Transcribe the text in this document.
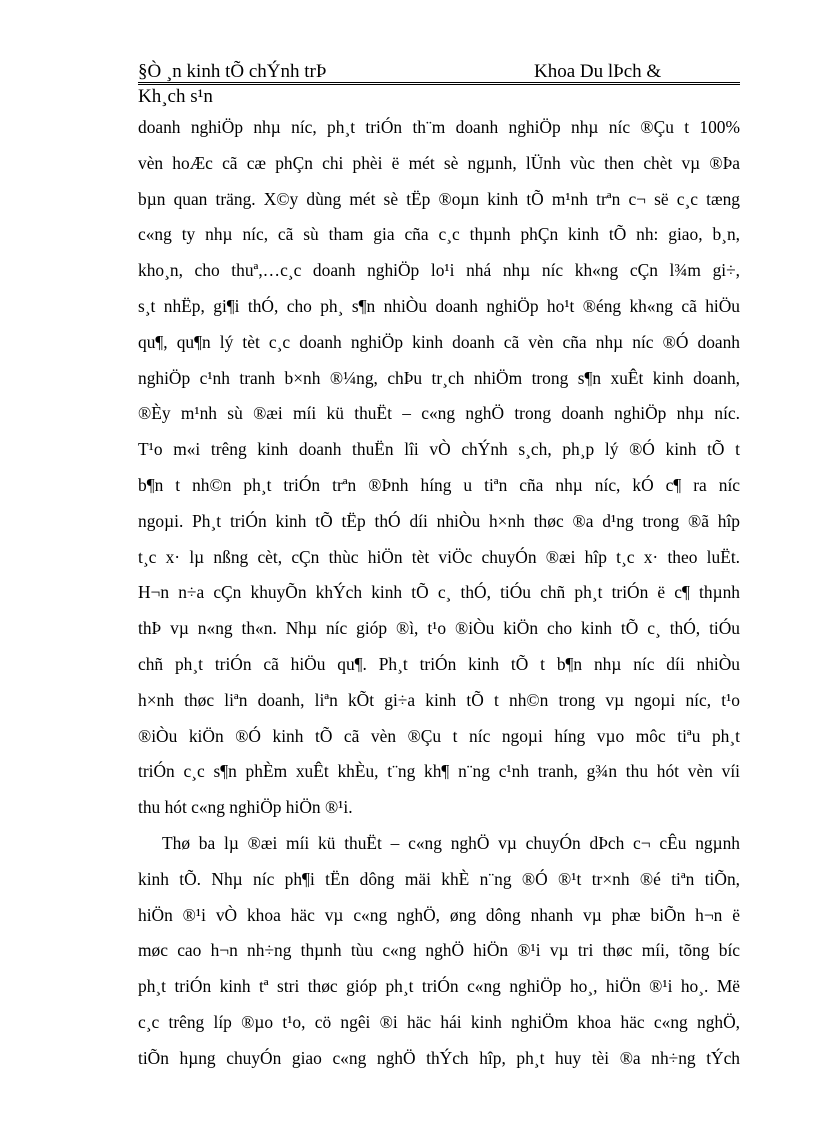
§Ò ¸n kinh tÕ chÝnh trÞ	Khoa Du lÞch &
Kh¸ch s¹n
doanh nghiÖp nhµ níc, ph¸t triÓn th¨m doanh nghiÖp nhµ níc ®Çu t 100%
vèn hoÆc cã cæ phÇn chi phèi ë mét sè ngµnh, lÜnh vùc then chèt vµ ®Þa
bµn quan träng. X©y dùng mét sè tËp ®oµn kinh tÕ m¹nh trªn c¬ së c¸c tæng
c«ng ty nhµ níc, cã sù tham gia cña c¸c thµnh phÇn kinh tÕ nh: giao, b¸n,
kho¸n, cho thuª,…c¸c doanh nghiÖp lo¹i nhá nhµ níc kh«ng cÇn l¾m gi÷,
s¸t nhËp, gi¶i thÓ, cho ph¸ s¶n nhiÒu doanh nghiÖp ho¹t ®éng kh«ng cã hiÖu
qu¶, qu¶n lý tèt c¸c doanh nghiÖp kinh doanh cã vèn cña nhµ níc ®Ó doanh
nghiÖp c¹nh tranh b×nh ®¼ng, chÞu tr¸ch nhiÖm trong s¶n xuÊt kinh doanh,
®Èy m¹nh sù ®æi míi kü thuËt – c«ng nghÖ trong doanh nghiÖp nhµ níc.
T¹o m«i trêng kinh doanh thuËn lîi vÒ chÝnh s¸ch, ph¸p lý ®Ó kinh tÕ t
b¶n t nh©n ph¸t triÓn trªn ®Þnh híng u tiªn cña nhµ níc, kÓ c¶ ra níc
ngoµi. Ph¸t triÓn kinh tÕ tËp thÓ díi nhiÒu h×nh thøc ®a d¹ng trong ®ã hîp
t¸c x· lµ nßng cèt, cÇn thùc hiÖn tèt viÖc chuyÓn ®æi hîp t¸c x· theo luËt.
H¬n n÷a cÇn khuyÕn khÝch kinh tÕ c¸ thÓ, tiÓu chñ ph¸t triÓn ë c¶ thµnh
thÞ vµ n«ng th«n. Nhµ níc gióp ®ì, t¹o ®iÒu kiÖn cho kinh tÕ c¸ thÓ, tiÓu
chñ ph¸t triÓn cã hiÖu qu¶. Ph¸t triÓn kinh tÕ t b¶n nhµ níc díi nhiÒu
h×nh thøc liªn doanh, liªn kÕt gi÷a kinh tÕ t nh©n trong vµ ngoµi níc, t¹o
®iÒu kiÖn ®Ó kinh tÕ cã vèn ®Çu t níc ngoµi híng vµo môc tiªu ph¸t
triÓn c¸c s¶n phÈm xuÊt khÈu, t¨ng kh¶ n¨ng c¹nh tranh, g¾n thu hót vèn víi
thu hót c«ng nghiÖp hiÖn ®¹i.
Thø ba lµ ®æi míi kü thuËt – c«ng nghÖ vµ chuyÓn dÞch c¬ cÊu ngµnh
kinh tÕ. Nhµ níc ph¶i tËn dông mäi khÈ n¨ng ®Ó ®¹t tr×nh ®é tiªn tiÕn,
hiÖn ®¹i vÒ khoa häc vµ c«ng nghÖ, øng dông nhanh vµ phæ biÕn h¬n ë
møc cao h¬n nh÷ng thµnh tùu c«ng nghÖ hiÖn ®¹i vµ tri thøc míi, tõng bíc
ph¸t triÓn kinh tª stri thøc gióp ph¸t triÓn c«ng nghiÖp ho¸, hiÖn ®¹i ho¸. Më
c¸c trêng líp ®µo t¹o, cö ngêi ®i häc hái kinh nghiÖm khoa häc c«ng nghÖ,
tiÕn hµng chuyÓn giao c«ng nghÖ thÝch hîp, ph¸t huy tèi ®a nh÷ng tÝch
